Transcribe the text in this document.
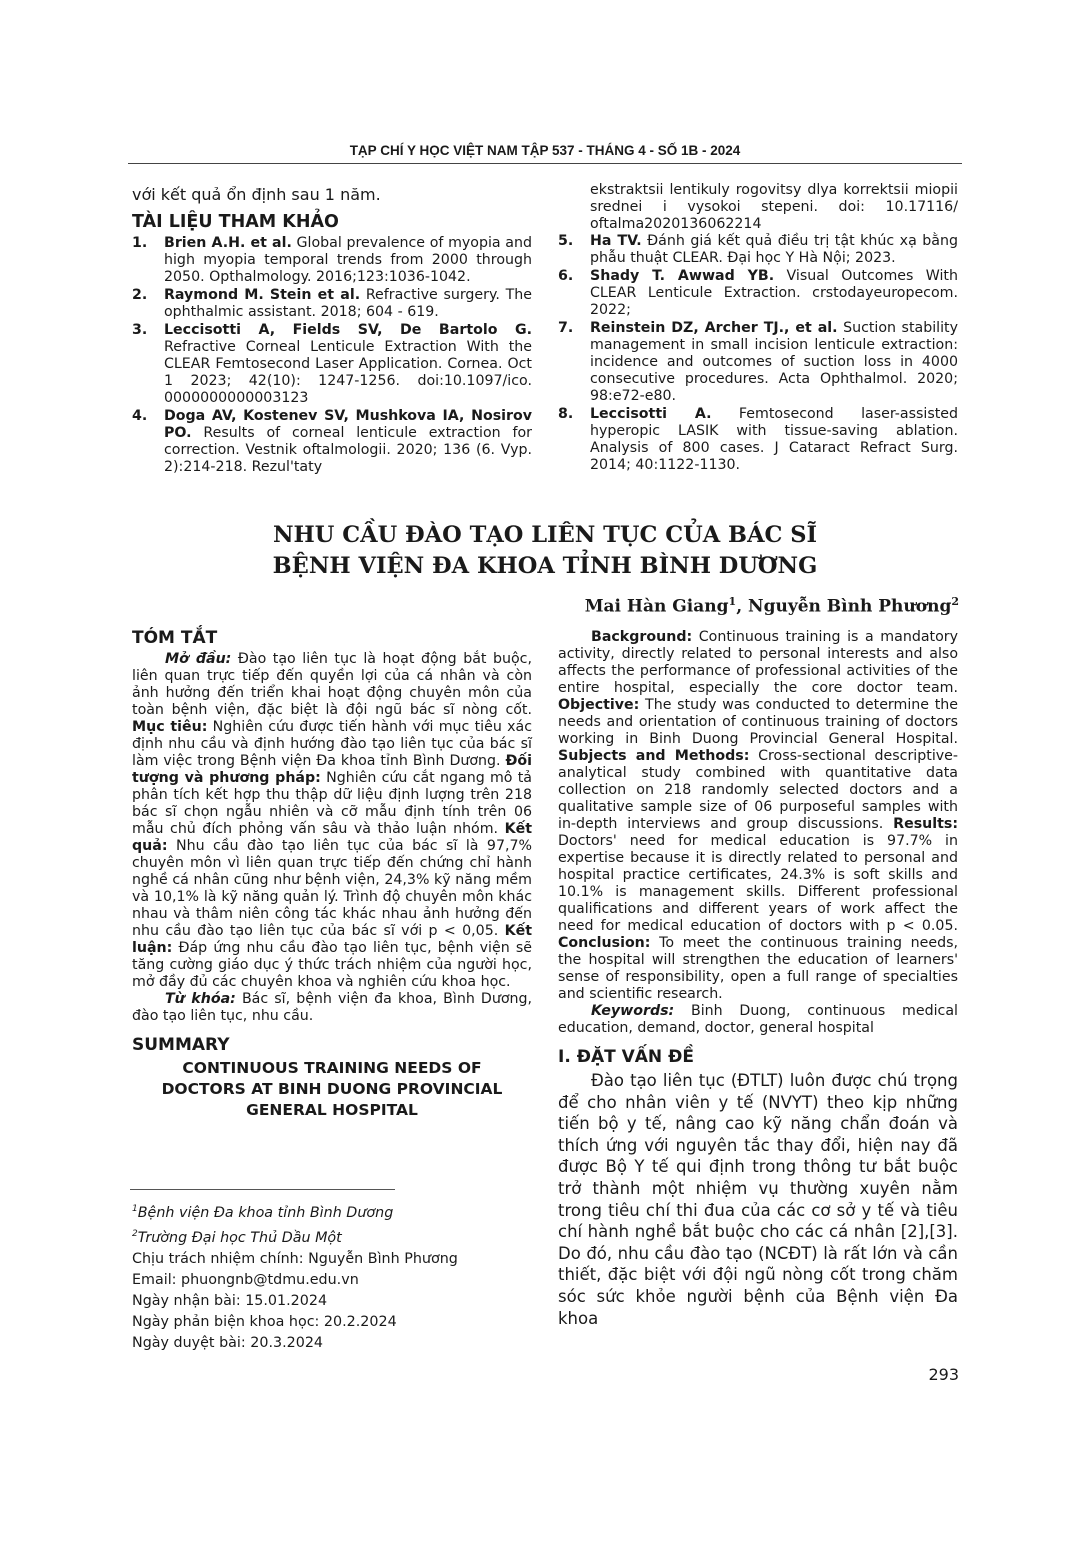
TẠP CHÍ Y HỌC VIỆT NAM TẬP 537 - THÁNG 4 - SỐ 1B - 2024

với kết quả ổn định sau 1 năm.

TÀI LIỆU THAM KHẢO
1.	Brien A.H. et al. Global prevalence of myopia and high myopia temporal trends from 2000 through 2050. Opthalmology. 2016;123:1036-1042.
2.	Raymond M. Stein et al. Refractive surgery. The ophthalmic assistant. 2018; 604 - 619.
3.	Leccisotti A, Fields SV, De Bartolo G. Refractive Corneal Lenticule Extraction With the CLEAR Femtosecond Laser Application. Cornea. Oct 1 2023; 42(10): 1247-1256. doi:10.1097/ico. 0000000000003123
4.	Doga AV, Kostenev SV, Mushkova IA, Nosirov PO. Results of corneal lenticule extraction for correction. Vestnik oftalmologii. 2020; 136 (6. Vyp. 2):214-218. Rezul'taty

ekstraktsii lentikuly rogovitsy dlya korrektsii miopii srednei i vysokoi stepeni. doi: 10.17116/ oftalma2020136062214

5.	Ha TV. Đánh giá kết quả điều trị tật khúc xạ bằng phẫu thuật CLEAR. Đại học Y Hà Nội; 2023.
6.	Shady T. Awwad YB. Visual Outcomes With CLEAR Lenticule Extraction. crstodayeuropecom. 2022;
7.	Reinstein DZ, Archer TJ., et al. Suction stability management in small incision lenticule extraction: incidence and outcomes of suction loss in 4000 consecutive procedures. Acta Ophthalmol. 2020; 98:e72-e80.
8.	Leccisotti A. Femtosecond laser-assisted hyperopic LASIK with tissue-saving ablation. Analysis of 800 cases. J Cataract Refract Surg. 2014; 40:1122-1130.
NHU CẦU ĐÀO TẠO LIÊN TỤC CỦA BÁC SĨ
BỆNH VIỆN ĐA KHOA TỈNH BÌNH DƯƠNG
Mai Hàn Giang$^1$, Nguyễn Bình Phương$^2$
TÓM TẮT

Mở đầu: Đào tạo liên tục là hoạt động bắt buộc, liên quan trực tiếp đến quyền lợi của cá nhân và còn ảnh hưởng đến triển khai hoạt động chuyên môn của toàn bệnh viện, đặc biệt là đội ngũ bác sĩ nòng cốt. Mục tiêu: Nghiên cứu được tiến hành với mục tiêu xác định nhu cầu và định hướng đào tạo liên tục của bác sĩ làm việc trong Bệnh viện Đa khoa tỉnh Bình Dương. Đối tượng và phương pháp: Nghiên cứu cắt ngang mô tả phân tích kết hợp thu thập dữ liệu định lượng trên 218 bác sĩ chọn ngẫu nhiên và cỡ mẫu định tính trên 06 mẫu chủ đích phỏng vấn sâu và thảo luận nhóm. Kết quả: Nhu cầu đào tạo liên tục của bác sĩ là 97,7% chuyên môn vì liên quan trực tiếp đến chứng chỉ hành nghề cá nhân cũng như bệnh viện, 24,3% kỹ năng mềm và 10,1% là kỹ năng quản lý. Trình độ chuyên môn khác nhau và thâm niên công tác khác nhau ảnh hưởng đến nhu cầu đào tạo liên tục của bác sĩ với p < 0,05. Kết luận: Đáp ứng nhu cầu đào tạo liên tục, bệnh viện sẽ tăng cường giáo dục ý thức trách nhiệm của người học, mở đầy đủ các chuyên khoa và nghiên cứu khoa học.

Từ khóa: Bác sĩ, bệnh viện đa khoa, Bình Dương, đào tạo liên tục, nhu cầu.

SUMMARY
CONTINUOUS TRAINING NEEDS OF DOCTORS AT BINH DUONG PROVINCIAL GENERAL HOSPITAL
$^1$Bệnh viện Đa khoa tỉnh Bình Dương
$^2$Trường Đại học Thủ Dầu Một
Chịu trách nhiệm chính: Nguyễn Bình Phương
Email: phuongnb@tdmu.edu.vn
Ngày nhận bài: 15.01.2024
Ngày phản biện khoa học: 20.2.2024
Ngày duyệt bài: 20.3.2024

Background: Continuous training is a mandatory activity, directly related to personal interests and also affects the performance of professional activities of the entire hospital, especially the core doctor team. Objective: The study was conducted to determine the needs and orientation of continuous training of doctors working in Binh Duong Provincial General Hospital. Subjects and Methods: Cross-sectional descriptive-analytical study combined with quantitative data collection on 218 randomly selected doctors and a qualitative sample size of 06 purposeful samples with in-depth interviews and group discussions. Results: Doctors' need for medical education is 97.7% in expertise because it is directly related to personal and hospital practice certificates, 24.3% is soft skills and 10.1% is management skills. Different professional qualifications and different years of work affect the need for medical education of doctors with p < 0.05. Conclusion: To meet the continuous training needs, the hospital will strengthen the education of learners' sense of responsibility, open a full range of specialties and scientific research.

Keywords: Binh Duong, continuous medical education, demand, doctor, general hospital

I. ĐẶT VẤN ĐỀ

Đào tạo liên tục (ĐTLT) luôn được chú trọng để cho nhân viên y tế (NVYT) theo kịp những tiến bộ y tế, nâng cao kỹ năng chẩn đoán và thích ứng với nguyên tắc thay đổi, hiện nay đã được Bộ Y tế qui định trong thông tư bắt buộc trở thành một nhiệm vụ thường xuyên nằm trong tiêu chí thi đua của các cơ sở y tế và tiêu chí hành nghề bắt buộc cho các cá nhân [2],[3]. Do đó, nhu cầu đào tạo (NCĐT) là rất lớn và cần thiết, đặc biệt với đội ngũ nòng cốt trong chăm sóc sức khỏe người bệnh của Bệnh viện Đa khoa

293
